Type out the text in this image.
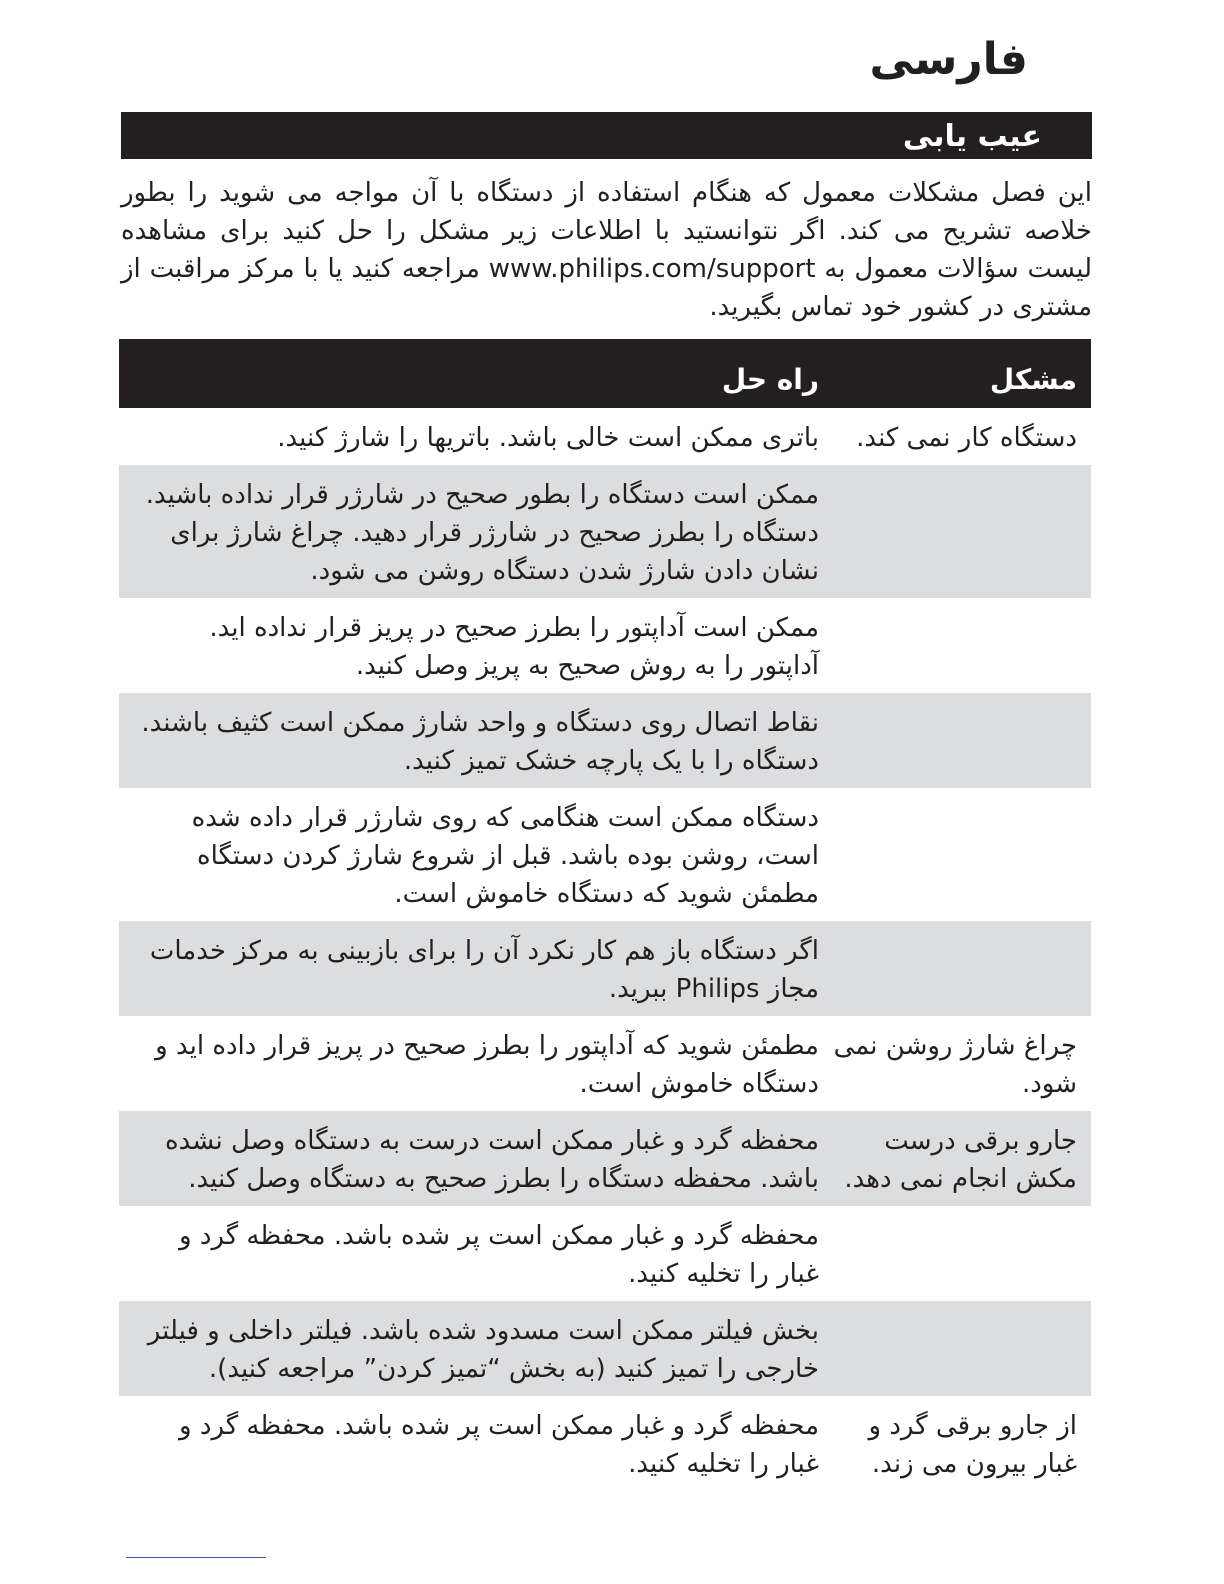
فارسی
عیب یابی

این فصل مشکلات معمول که هنگام استفاده از دستگاه با آن مواجه می شوید را بطور خلاصه تشریح می کند. اگر نتوانستید با اطلاعات زیر مشکل را حل کنید برای مشاهده لیست سؤالات معمول به www.philips.com/support مراجعه کنید یا با مرکز مراقبت از مشتری در کشور خود تماس بگیرید.

مشکل
راه حل
دستگاه کار نمی کند.
باتری ممکن است خالی باشد. باتریها را شارژ کنید.
ممکن است دستگاه را بطور صحیح در شارژر قرار نداده باشید. دستگاه را بطرز صحیح در شارژر قرار دهید. چراغ شارژ برای نشان دادن شارژ شدن دستگاه روشن می شود.
ممکن است آداپتور را بطرز صحیح در پریز قرار نداده اید. آداپتور را به روش صحیح به پریز وصل کنید.
نقاط اتصال روی دستگاه و واحد شارژ ممکن است کثیف باشند. دستگاه را با یک پارچه خشک تمیز کنید.
دستگاه ممکن است هنگامی که روی شارژر قرار داده شده است، روشن بوده باشد. قبل از شروع شارژ کردن دستگاه مطمئن شوید که دستگاه خاموش است.
اگر دستگاه باز هم کار نکرد آن را برای بازبینی به مرکز خدمات مجاز Philips ببرید.
چراغ شارژ روشن نمی شود.
مطمئن شوید که آداپتور را بطرز صحیح در پریز قرار داده اید و دستگاه خاموش است.
جارو برقی درست مکش انجام نمی دهد.
محفظه گرد و غبار ممکن است درست به دستگاه وصل نشده باشد. محفظه دستگاه را بطرز صحیح به دستگاه وصل کنید.
محفظه گرد و غبار ممکن است پر شده باشد. محفظه گرد و غبار را تخلیه کنید.
بخش فیلتر ممکن است مسدود شده باشد. فیلتر داخلی و فیلتر خارجی را تمیز کنید (به بخش “تمیز کردن” مراجعه کنید).
از جارو برقی گرد و غبار بیرون می زند.
محفظه گرد و غبار ممکن است پر شده باشد. محفظه گرد و غبار را تخلیه کنید.
